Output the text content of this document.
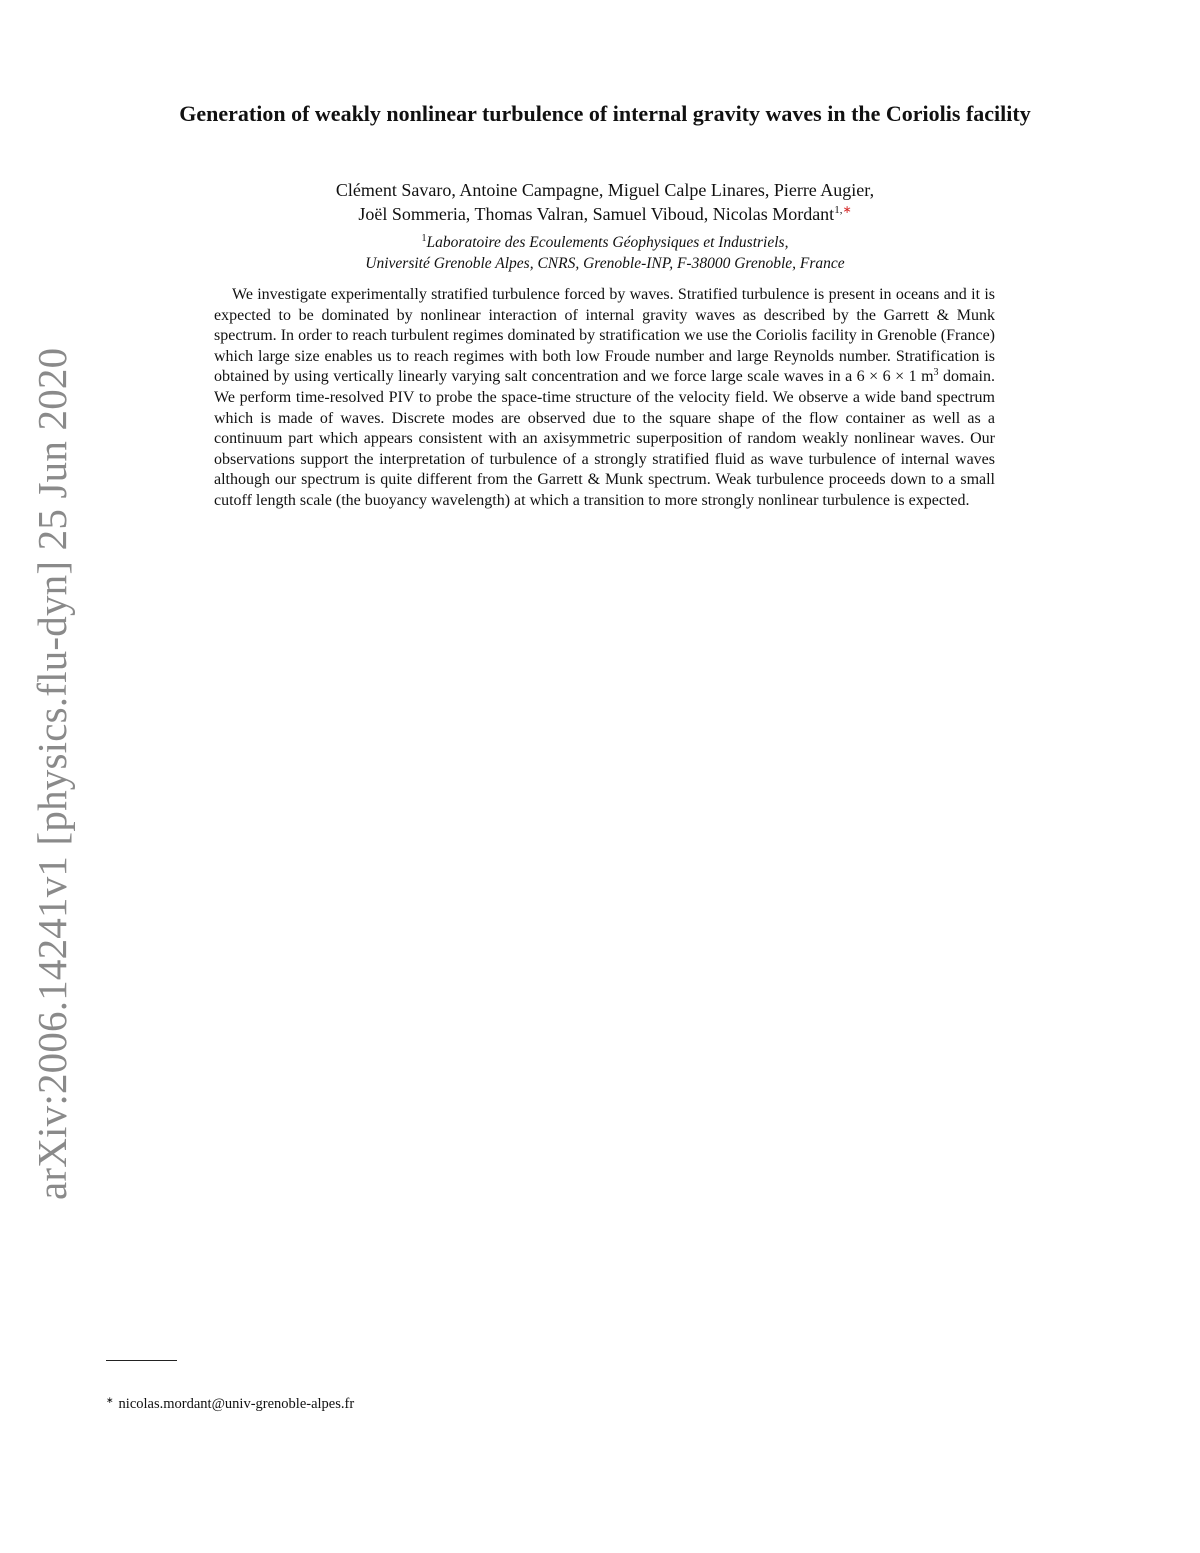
arXiv:2006.14241v1 [physics.flu-dyn] 25 Jun 2020
Generation of weakly nonlinear turbulence of internal gravity waves in the Coriolis facility
Clément Savaro, Antoine Campagne, Miguel Calpe Linares, Pierre Augier,
Joël Sommeria, Thomas Valran, Samuel Viboud, Nicolas Mordant$^{1,∗}$
$^1$Laboratoire des Ecoulements Géophysiques et Industriels,
Université Grenoble Alpes, CNRS, Grenoble-INP, F-38000 Grenoble, France

We investigate experimentally stratified turbulence forced by waves. Stratified turbulence is present in oceans and it is expected to be dominated by nonlinear interaction of internal gravity waves as described by the Garrett & Munk spectrum. In order to reach turbulent regimes dominated by stratification we use the Coriolis facility in Grenoble (France) which large size enables us to reach regimes with both low Froude number and large Reynolds number. Stratification is obtained by using vertically linearly varying salt concentration and we force large scale waves in a 6 × 6 × 1 $m^3$ domain. We perform time-resolved PIV to probe the space-time structure of the velocity field. We observe a wide band spectrum which is made of waves. Discrete modes are observed due to the square shape of the flow container as well as a continuum part which appears consistent with an axisymmetric superposition of random weakly nonlinear waves. Our observations support the interpretation of turbulence of a strongly stratified fluid as wave turbulence of internal waves although our spectrum is quite different from the Garrett & Munk spectrum. Weak turbulence proceeds down to a small cutoff length scale (the buoyancy wavelength) at which a transition to more strongly nonlinear turbulence is expected.

∗ nicolas.mordant@univ-grenoble-alpes.fr
